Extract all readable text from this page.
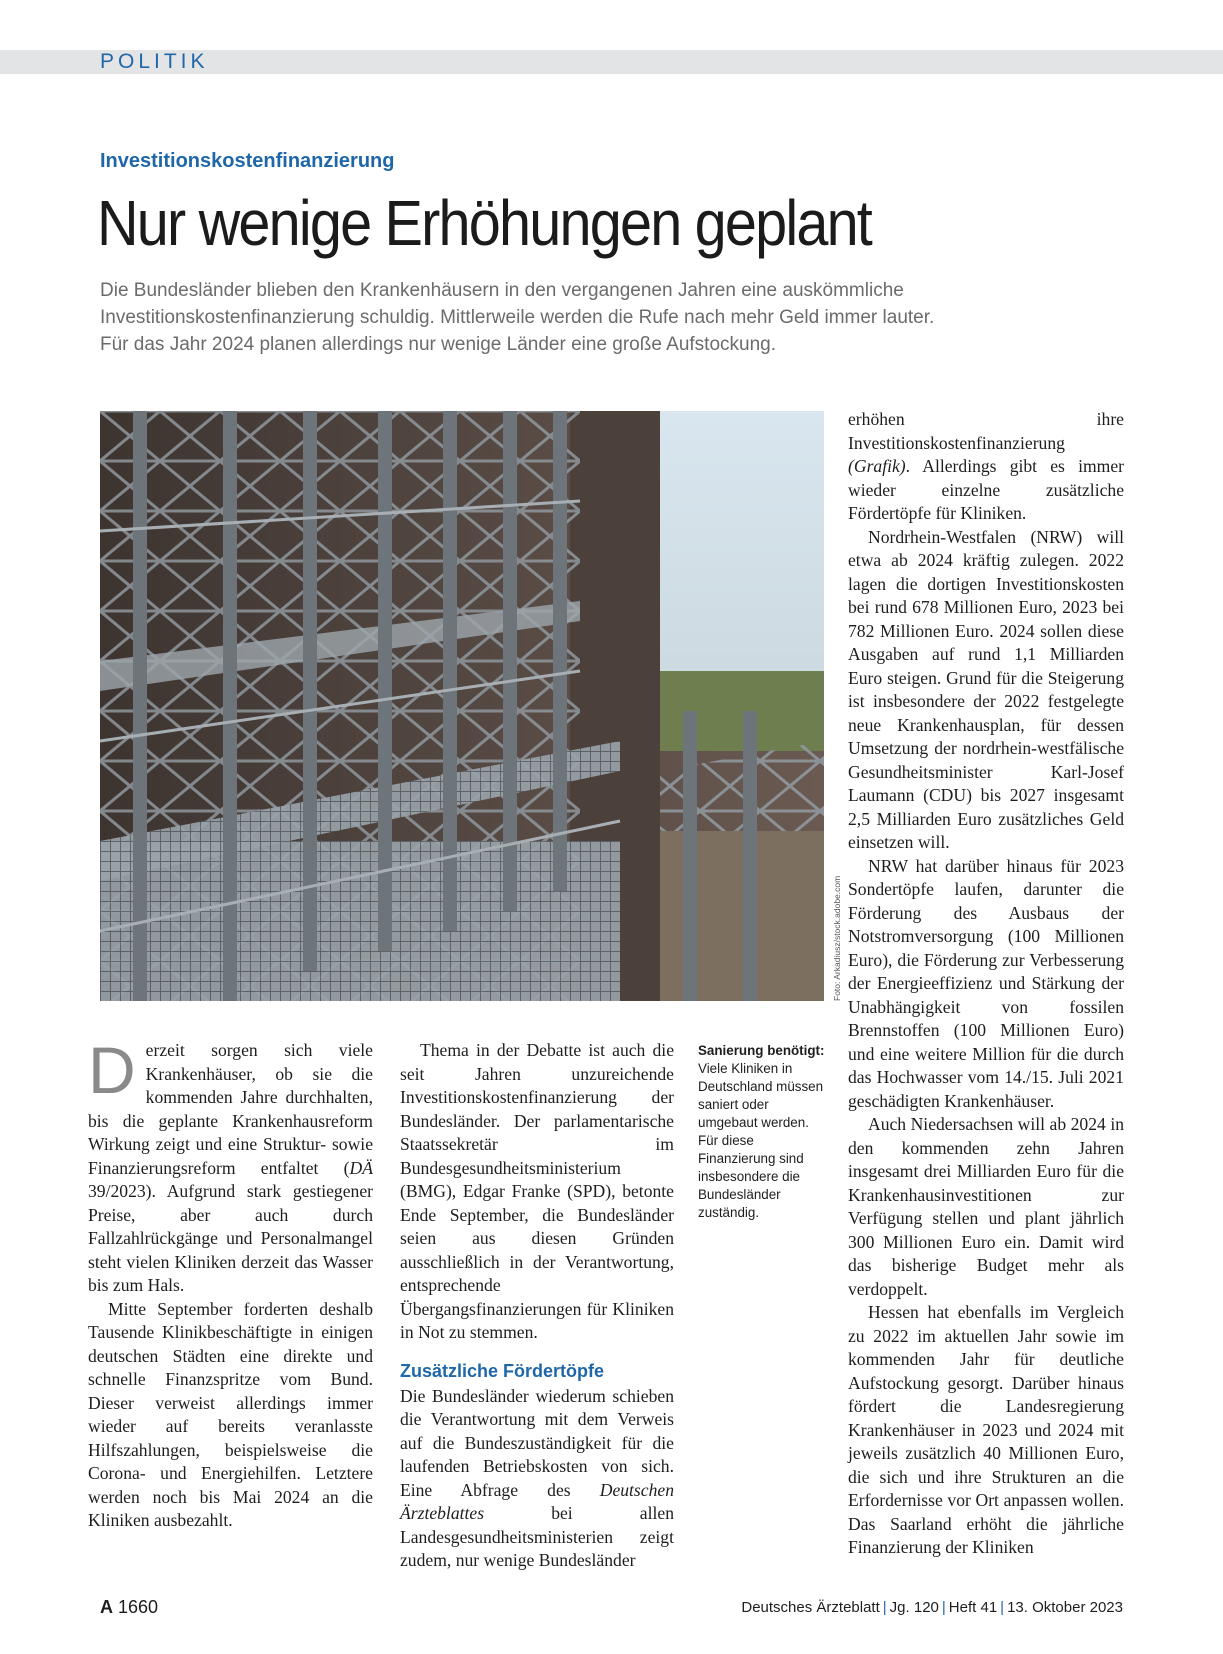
POLITIK
Investitionskostenfinanzierung
Nur wenige Erhöhungen geplant
Die Bundesländer blieben den Krankenhäusern in den vergangenen Jahren eine auskömmliche
Investitionskostenfinanzierung schuldig. Mittlerweile werden die Rufe nach mehr Geld immer lauter.
Für das Jahr 2024 planen allerdings nur wenige Länder eine große Aufstockung.
Foto: Arkadiusz/stock.adobe.com

Derzeit sorgen sich viele Krankenhäuser, ob sie die kommenden Jahre durchhalten, bis die geplante Krankenhausreform Wirkung zeigt und eine Struktur- sowie Finanzierungsreform entfaltet (DÄ 39/2023). Aufgrund stark gestiegener Preise, aber auch durch Fallzahlrückgänge und Personalmangel steht vielen Kliniken derzeit das Wasser bis zum Hals.

Mitte September forderten deshalb Tausende Klinikbeschäftigte in einigen deutschen Städten eine direkte und schnelle Finanzspritze vom Bund. Dieser verweist allerdings immer wieder auf bereits veranlasste Hilfszahlungen, beispielsweise die Corona- und Energiehilfen. Letztere werden noch bis Mai 2024 an die Kliniken ausbezahlt.

Thema in der Debatte ist auch die seit Jahren unzureichende Investitionskostenfinanzierung der Bundesländer. Der parlamentarische Staatssekretär im Bundesgesundheitsministerium (BMG), Edgar Franke (SPD), betonte Ende September, die Bundesländer seien aus diesen Gründen ausschließlich in der Verantwortung, entsprechende Übergangsfinanzierungen für Kliniken in Not zu stemmen.

Zusätzliche Fördertöpfe

Die Bundesländer wiederum schieben die Verantwortung mit dem Verweis auf die Bundeszuständigkeit für die laufenden Betriebskosten von sich. Eine Abfrage des Deutschen Ärzteblattes bei allen Landesgesundheitsministerien zeigt zudem, nur wenige Bundesländer

Sanierung benötigt: Viele Kliniken in Deutschland müssen saniert oder umgebaut werden. Für diese Finanzierung sind insbesondere die Bundesländer zuständig.

erhöhen ihre Investitionskostenfinanzierung (Grafik). Allerdings gibt es immer wieder einzelne zusätzliche Fördertöpfe für Kliniken.

Nordrhein-Westfalen (NRW) will etwa ab 2024 kräftig zulegen. 2022 lagen die dortigen Investitionskosten bei rund 678 Millionen Euro, 2023 bei 782 Millionen Euro. 2024 sollen diese Ausgaben auf rund 1,1 Milliarden Euro steigen. Grund für die Steigerung ist insbesondere der 2022 festgelegte neue Krankenhausplan, für dessen Umsetzung der nordrhein-westfälische Gesundheitsminister Karl-Josef Laumann (CDU) bis 2027 insgesamt 2,5 Milliarden Euro zusätzliches Geld einsetzen will.

NRW hat darüber hinaus für 2023 Sondertöpfe laufen, darunter die Förderung des Ausbaus der Notstromversorgung (100 Millionen Euro), die Förderung zur Verbesserung der Energieeffizienz und Stärkung der Unabhängigkeit von fossilen Brennstoffen (100 Millionen Euro) und eine weitere Million für die durch das Hochwasser vom 14./15. Juli 2021 geschädigten Krankenhäuser.

Auch Niedersachsen will ab 2024 in den kommenden zehn Jahren insgesamt drei Milliarden Euro für die Krankenhausinvestitionen zur Verfügung stellen und plant jährlich 300 Millionen Euro ein. Damit wird das bisherige Budget mehr als verdoppelt.

Hessen hat ebenfalls im Vergleich zu 2022 im aktuellen Jahr sowie im kommenden Jahr für deutliche Aufstockung gesorgt. Darüber hinaus fördert die Landesregierung Krankenhäuser in 2023 und 2024 mit jeweils zusätzlich 40 Millionen Euro, die sich und ihre Strukturen an die Erfordernisse vor Ort anpassen wollen. Das Saarland erhöht die jährliche Finanzierung der Kliniken

A 1660	Deutsches Ärzteblatt | Jg. 120 | Heft 41 | 13. Oktober 2023
